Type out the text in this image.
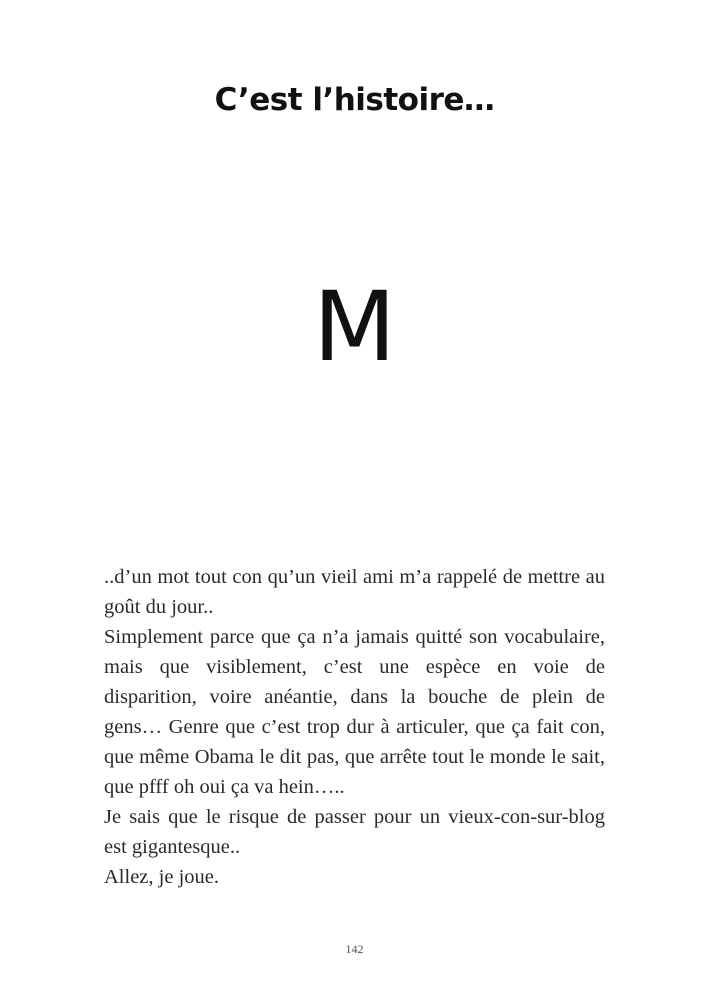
C’est l’histoire…
M

..d’un mot tout con qu’un vieil ami m’a rappelé de mettre au goût du jour..

Simplement parce que ça n’a jamais quitté son vocabulaire, mais que visiblement, c’est une espèce en voie de disparition, voire anéantie, dans la bouche de plein de gens… Genre que c’est trop dur à articuler, que ça fait con, que même Obama le dit pas, que arrête tout le monde le sait, que pfff oh oui ça va hein…..

Je sais que le risque de passer pour un vieux-con-sur-blog est gigantesque..

Allez, je joue.

142
